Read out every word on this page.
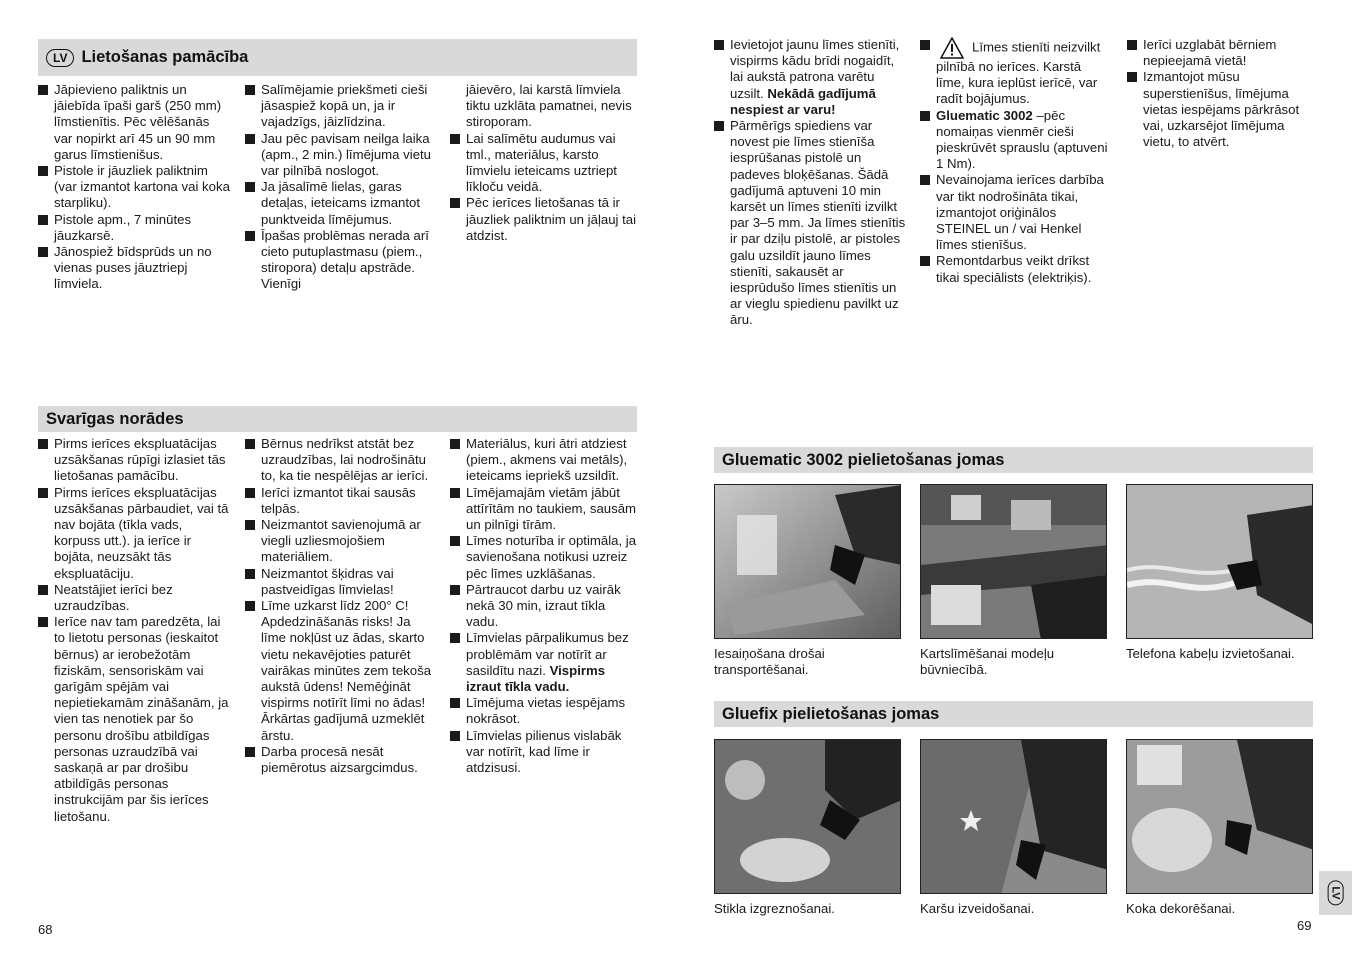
LV Lietošanas pamācība

Jāpievieno paliktnis un jāiebīda īpaši garš (250 mm) līmstienītis. Pēc vēlēšanās var nopirkt arī 45 un 90 mm garus līmstienišus.

Pistole ir jāuzliek paliktnim (var izmantot kartona vai koka starpliku).

Pistole apm., 7 minūtes jāuzkarsē.

Jānospiež bīdsprūds un no vienas puses jāuztriepj līmviela.

Salīmējamie priekšmeti cieši jāsaspiež kopā un, ja ir vajadzīgs, jāizlīdzina.

Jau pēc pavisam neilga laika (apm., 2 min.) līmējuma vietu var pilnībā noslogot.

Ja jāsalīmē lielas, garas detaļas, ieteicams izmantot punktveida līmējumus.

Īpašas problēmas nerada arī cieto putuplastmasu (piem., stiropora) detaļu apstrāde. Vienīgi

jāievēro, lai karstā līmviela tiktu uzklāta pamatnei, nevis stiroporam.

Lai salīmētu audumus vai tml., materiālus, karsto līmvielu ieteicams uztriept līkloču veidā.

Pēc ierīces lietošanas tā ir jāuzliek paliktnim un jāļauj tai atdzist.

Svarīgas norādes

Pirms ierīces ekspluatācijas uzsākšanas rūpīgi izlasiet tās lietošanas pamācību.

Pirms ierīces ekspluatācijas uzsākšanas pārbaudiet, vai tā nav bojāta (tīkla vads, korpuss utt.). ja ierīce ir bojāta, neuzsākt tās ekspluatāciju.

Neatstājiet ierīci bez uzraudzības.

Ierīce nav tam paredzēta, lai to lietotu personas (ieskaitot bērnus) ar ierobežotām fiziskām, sensoriskām vai garīgām spējām vai nepietiekamām zināšanām, ja vien tas nenotiek par šo personu drošību atbildīgas personas uzraudzībā vai saskaņā ar par drošibu atbildīgās personas instrukcijām par šis ierīces lietošanu.

Bērnus nedrīkst atstāt bez uzraudzības, lai nodrošinātu to, ka tie nespēlējas ar ierīci.

Ierīci izmantot tikai sausās telpās.

Neizmantot savienojumā ar viegli uzliesmojošiem materiāliem.

Neizmantot šķidras vai pastveidīgas līmvielas!

Līme uzkarst līdz 200° C! Apdedzināšanās risks! Ja līme nokļūst uz ādas, skarto vietu nekavējoties paturēt vairākas minūtes zem tekoša aukstā ūdens! Nemēģināt vispirms notīrīt līmi no ādas! Ārkārtas gadījumā uzmeklēt ārstu.

Darba procesā nesāt piemērotus aizsargcimdus.

Materiālus, kuri ātri atdziest (piem., akmens vai metāls), ieteicams iepriekš uzsildīt.

Līmējamajām vietām jābūt attīrītām no taukiem, sausām un pilnīgi tīrām.

Līmes noturība ir optimāla, ja savienošana notikusi uzreiz pēc līmes uzklāšanas.

Pārtraucot darbu uz vairāk nekā 30 min, izraut tīkla vadu.

Līmvielas pārpalikumus bez problēmām var notīrīt ar sasildītu nazi. Vispirms izraut tīkla vadu.

Līmējuma vietas iespējams nokrāsot.

Līmvielas pilienus vislabāk var notīrīt, kad līme ir atdzisusi.

68

Ievietojot jaunu līmes stienīti, vispirms kādu brīdi nogaidīt, lai aukstā patrona varētu uzsilt. Nekādā gadījumā nespiest ar varu!

Pārmērīgs spiediens var novest pie līmes stienīša iesprūšanas pistolē un padeves bloķēšanas. Šādā gadījumā aptuveni 10 min karsēt un līmes stienīti izvilkt par 3–5 mm. Ja līmes stienītis ir par dziļu pistolē, ar pistoles galu uzsildīt jauno līmes stienīti, sakausēt ar iesprūdušo līmes stienītis un ar vieglu spiedienu pavilkt uz āru.

Līmes stienīti neizvilkt pilnībā no ierīces. Karstā līme, kura ieplūst ierīcē, var radīt bojājumus.

Gluematic 3002 –pēc nomaiņas vienmēr cieši pieskrūvēt sprauslu (aptuveni 1 Nm).

Nevainojama ierīces darbība var tikt nodrošināta tikai, izmantojot oriģinālos STEINEL un / vai Henkel līmes stienīšus.

Remontdarbus veikt drīkst tikai speciālists (elektriķis).

Ierīci uzglabāt bērniem nepieejamā vietā!

Izmantojot mūsu superstienīšus, līmējuma vietas iespējams pārkrāsot vai, uzkarsējot līmējuma vietu, to atvērt.

Gluematic 3002 pielietošanas jomas
Iesaiņošana drošai transportēšanai.
Kartslīmēšanai modeļu būvniecībā.
Telefona kabeļu izvietošanai.
Gluefix pielietošanas jomas
Stikla izgreznošanai.	Karšu izveidošanai.	Koka dekorēšanai.
LV
69
